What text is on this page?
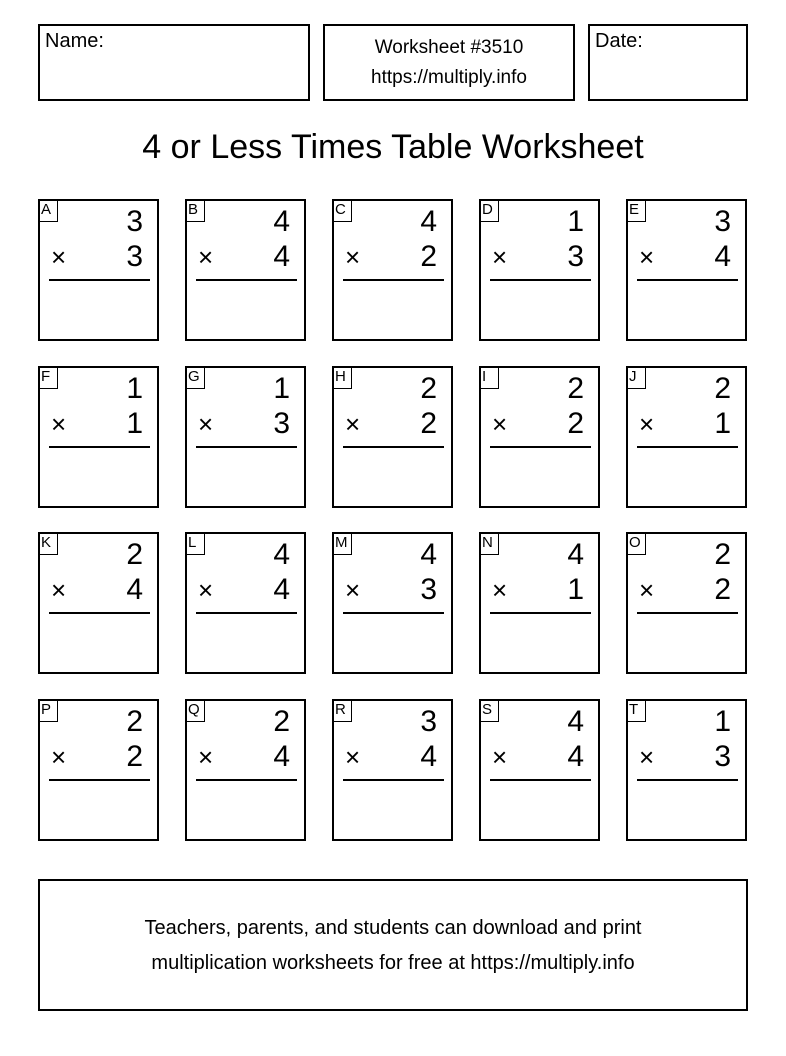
Name:	Worksheet #3510
https://multiply.info
Date:
4 or Less Times Table Worksheet
A	3
× 3
B	4
× 4
C 4
× 2
D 1
× 3
E	3
× 4
F	1
× 1
G 1
× 3
H 2
× 2
I	2
× 2
J	2
× 1
K	2
× 4
L	4
× 4
M 4
× 3
N 4
× 1
O 2
× 2
P	2
× 2
Q 2
× 4
R 3
× 4
S	4
× 4
T	1
× 3
Teachers, parents, and students can download and print
multiplication worksheets for free at https://multiply.info
